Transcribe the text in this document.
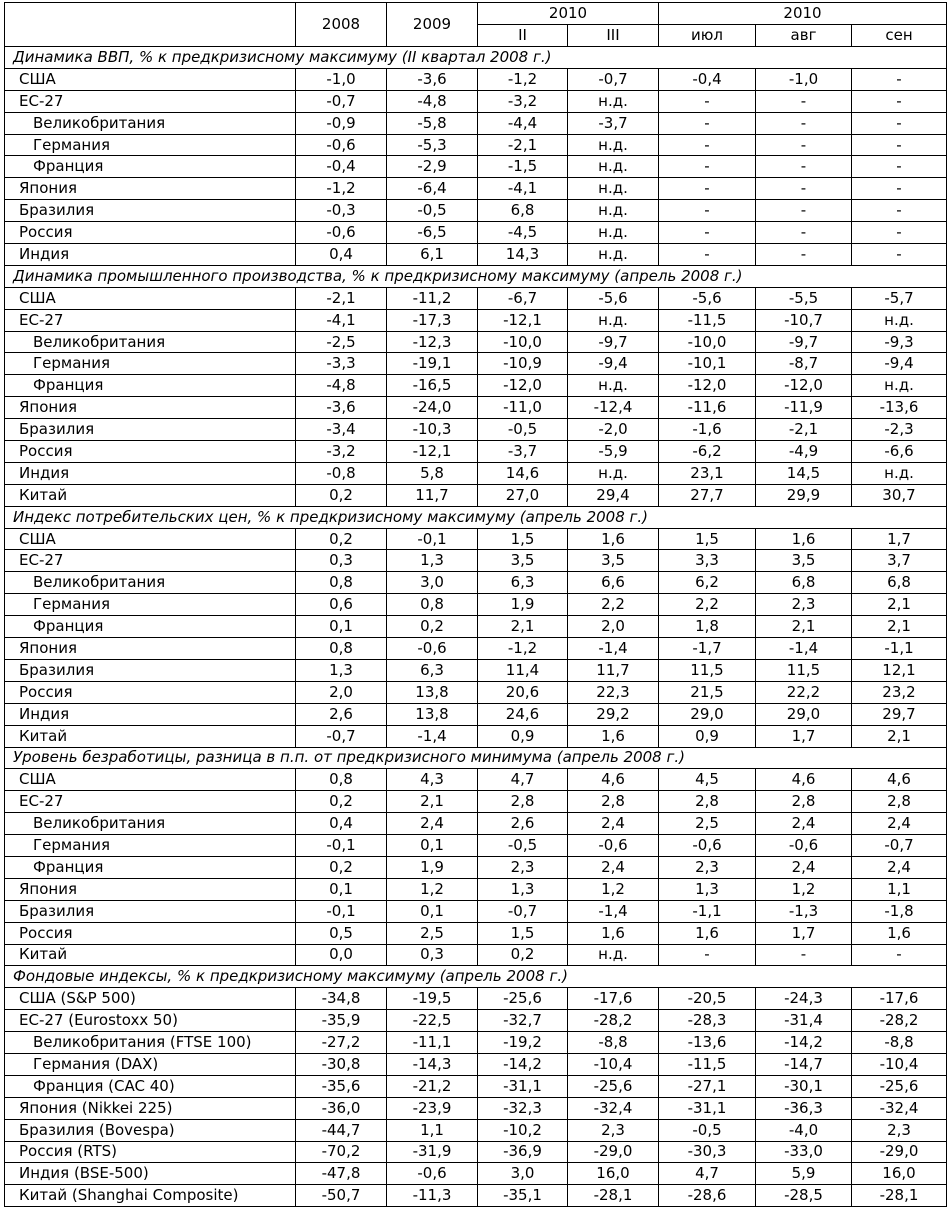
	2008	2009	2010		2010		
			II	III	июл	авг	сен
Динамика ВВП, % к предкризисному максимуму (II квартал 2008 г.)							
США	-1,0	-3,6	-1,2	-0,7	-0,4	-1,0	-
ЕС-27	-0,7	-4,8	-3,2	н.д.	-	-	-
Великобритания	-0,9	-5,8	-4,4	-3,7	-	-	-
Германия	-0,6	-5,3	-2,1	н.д.	-	-	-
Франция	-0,4	-2,9	-1,5	н.д.	-	-	-
Япония	-1,2	-6,4	-4,1	н.д.	-	-	-
Бразилия	-0,3	-0,5	6,8	н.д.	-	-	-
Россия	-0,6	-6,5	-4,5	н.д.	-	-	-
Индия	0,4	6,1	14,3	н.д.	-	-	-
Динамика промышленного производства, % к предкризисному максимуму (апрель 2008 г.)							
США	-2,1	-11,2	-6,7	-5,6	-5,6	-5,5	-5,7
ЕС-27	-4,1	-17,3	-12,1	н.д.	-11,5	-10,7	н.д.
Великобритания	-2,5	-12,3	-10,0	-9,7	-10,0	-9,7	-9,3
Германия	-3,3	-19,1	-10,9	-9,4	-10,1	-8,7	-9,4
Франция	-4,8	-16,5	-12,0	н.д.	-12,0	-12,0	н.д.
Япония	-3,6	-24,0	-11,0	-12,4	-11,6	-11,9	-13,6
Бразилия	-3,4	-10,3	-0,5	-2,0	-1,6	-2,1	-2,3
Россия	-3,2	-12,1	-3,7	-5,9	-6,2	-4,9	-6,6
Индия	-0,8	5,8	14,6	н.д.	23,1	14,5	н.д.
Китай	0,2	11,7	27,0	29,4	27,7	29,9	30,7
Индекс потребительских цен, % к предкризисному максимуму (апрель 2008 г.)							
США	0,2	-0,1	1,5	1,6	1,5	1,6	1,7
ЕС-27	0,3	1,3	3,5	3,5	3,3	3,5	3,7
Великобритания	0,8	3,0	6,3	6,6	6,2	6,8	6,8
Германия	0,6	0,8	1,9	2,2	2,2	2,3	2,1
Франция	0,1	0,2	2,1	2,0	1,8	2,1	2,1
Япония	0,8	-0,6	-1,2	-1,4	-1,7	-1,4	-1,1
Бразилия	1,3	6,3	11,4	11,7	11,5	11,5	12,1
Россия	2,0	13,8	20,6	22,3	21,5	22,2	23,2
Индия	2,6	13,8	24,6	29,2	29,0	29,0	29,7
Китай	-0,7	-1,4	0,9	1,6	0,9	1,7	2,1
Уровень безработицы, разница в п.п. от предкризисного минимума (апрель 2008 г.)							
США	0,8	4,3	4,7	4,6	4,5	4,6	4,6
ЕС-27	0,2	2,1	2,8	2,8	2,8	2,8	2,8
Великобритания	0,4	2,4	2,6	2,4	2,5	2,4	2,4
Германия	-0,1	0,1	-0,5	-0,6	-0,6	-0,6	-0,7
Франция	0,2	1,9	2,3	2,4	2,3	2,4	2,4
Япония	0,1	1,2	1,3	1,2	1,3	1,2	1,1
Бразилия	-0,1	0,1	-0,7	-1,4	-1,1	-1,3	-1,8
Россия	0,5	2,5	1,5	1,6	1,6	1,7	1,6
Китай	0,0	0,3	0,2	н.д.	-	-	-
Фондовые индексы, % к предкризисному максимуму (апрель 2008 г.)							
США (S&P 500)	-34,8	-19,5	-25,6	-17,6	-20,5	-24,3	-17,6
ЕС-27 (Eurostoxx 50)	-35,9	-22,5	-32,7	-28,2	-28,3	-31,4	-28,2
Великобритания (FTSE 100)	-27,2	-11,1	-19,2	-8,8	-13,6	-14,2	-8,8
Германия (DAX)	-30,8	-14,3	-14,2	-10,4	-11,5	-14,7	-10,4
Франция (CAC 40)	-35,6	-21,2	-31,1	-25,6	-27,1	-30,1	-25,6
Япония (Nikkei 225)	-36,0	-23,9	-32,3	-32,4	-31,1	-36,3	-32,4
Бразилия (Bovespa)	-44,7	1,1	-10,2	2,3	-0,5	-4,0	2,3
Россия (RTS)	-70,2	-31,9	-36,9	-29,0	-30,3	-33,0	-29,0
Индия (BSE-500)	-47,8	-0,6	3,0	16,0	4,7	5,9	16,0
Китай (Shanghai Composite)	-50,7	-11,3	-35,1	-28,1	-28,6	-28,5	-28,1
